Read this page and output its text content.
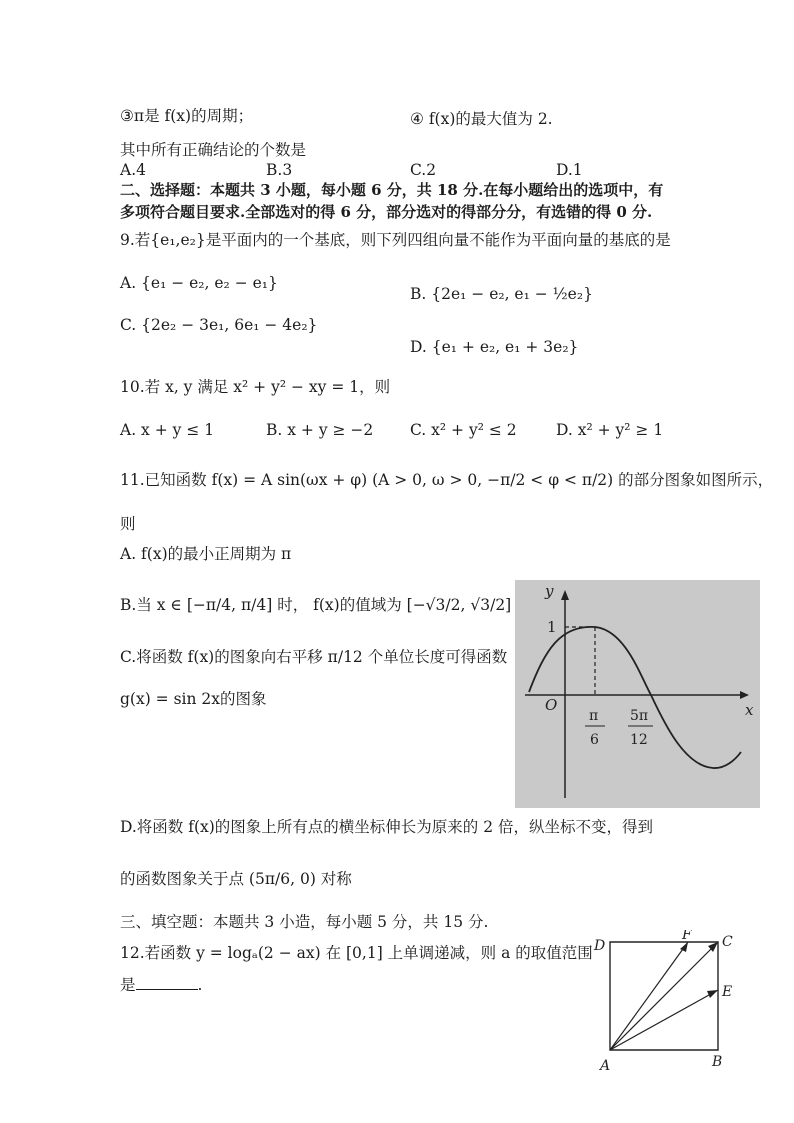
③π是 f(x)的周期；	④ f(x)的最大值为 2.
其中所有正确结论的个数是
A.4	B.3	C.2	D.1
二、选择题：本题共 3 小题，每小题 6 分，共 18 分.在每小题给出的选项中，有
多项符合题目要求.全部选对的得 6 分，部分选对的得部分分，有选错的得 0 分.
9.若{e₁,e₂}是平面内的一个基底，则下列四组向量不能作为平面向量的基底的是
A. {e₁ − e₂, e₂ − e₁}
B. {2e₁ − e₂, e₁ − ½e₂}
C. {2e₂ − 3e₁, 6e₁ − 4e₂}
D. {e₁ + e₂, e₁ + 3e₂}
10.若 x, y 满足 x² + y² − xy = 1，则
A. x + y ≤ 1	B. x + y ≥ −2 C. x² + y² ≤ 2	D. x² + y² ≥ 1
11.已知函数 f(x) = A sin(ωx + φ) (A > 0, ω > 0, −π/2 < φ < π/2) 的部分图象如图所示，
则
A. f(x)的最小正周期为 π
B.当 x ∈ [−π/4, π/4] 时， f(x)的值域为 [−√3/2, √3/2]
C.将函数 f(x)的图象向右平移 π/12 个单位长度可得函数
g(x) = sin 2x的图象
D.将函数 f(x)的图象上所有点的横坐标伸长为原来的 2 倍，纵坐标不变，得到
的函数图象关于点 (5π/6, 0) 对称
y
x
O
1
π
6
5π
12
三、填空题：本题共 3 小造，每小题 5 分，共 15 分.
12.若函数 y = logₐ(2 − ax) 在 [0,1] 上单调递减，则 a 的取值范围
是	.
D
F C
E
A	B
